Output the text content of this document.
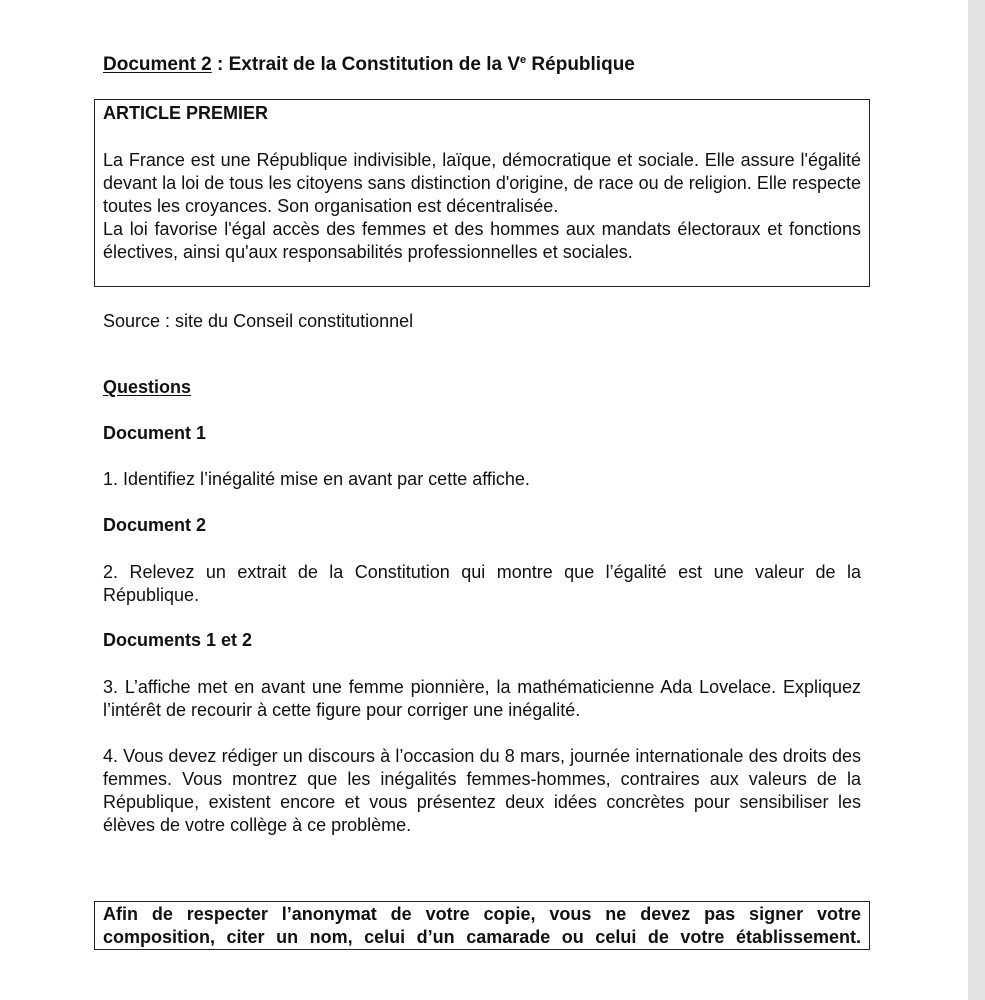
Document 2 : Extrait de la Constitution de la Ve République
ARTICLE PREMIER

La France est une République indivisible, laïque, démocratique et sociale. Elle assure l'égalité devant la loi de tous les citoyens sans distinction d'origine, de race ou de religion. Elle respecte toutes les croyances. Son organisation est décentralisée.

La loi favorise l'égal accès des femmes et des hommes aux mandats électoraux et fonctions électives, ainsi qu'aux responsabilités professionnelles et sociales.

Source : site du Conseil constitutionnel
Questions
Document 1
1. Identifiez l’inégalité mise en avant par cette affiche.
Document 2
2. Relevez un extrait de la Constitution qui montre que l’égalité est une valeur de la République.
Documents 1 et 2
3. L’affiche met en avant une femme pionnière, la mathématicienne Ada Lovelace. Expliquez l’intérêt de recourir à cette figure pour corriger une inégalité.
4. Vous devez rédiger un discours à l’occasion du 8 mars, journée internationale des droits des femmes. Vous montrez que les inégalités femmes-hommes, contraires aux valeurs de la République, existent encore et vous présentez deux idées concrètes pour sensibiliser les élèves de votre collège à ce problème.
Afin de respecter l’anonymat de votre copie, vous ne devez pas signer votre composition, citer un nom, celui d’un camarade ou celui de votre établissement.
